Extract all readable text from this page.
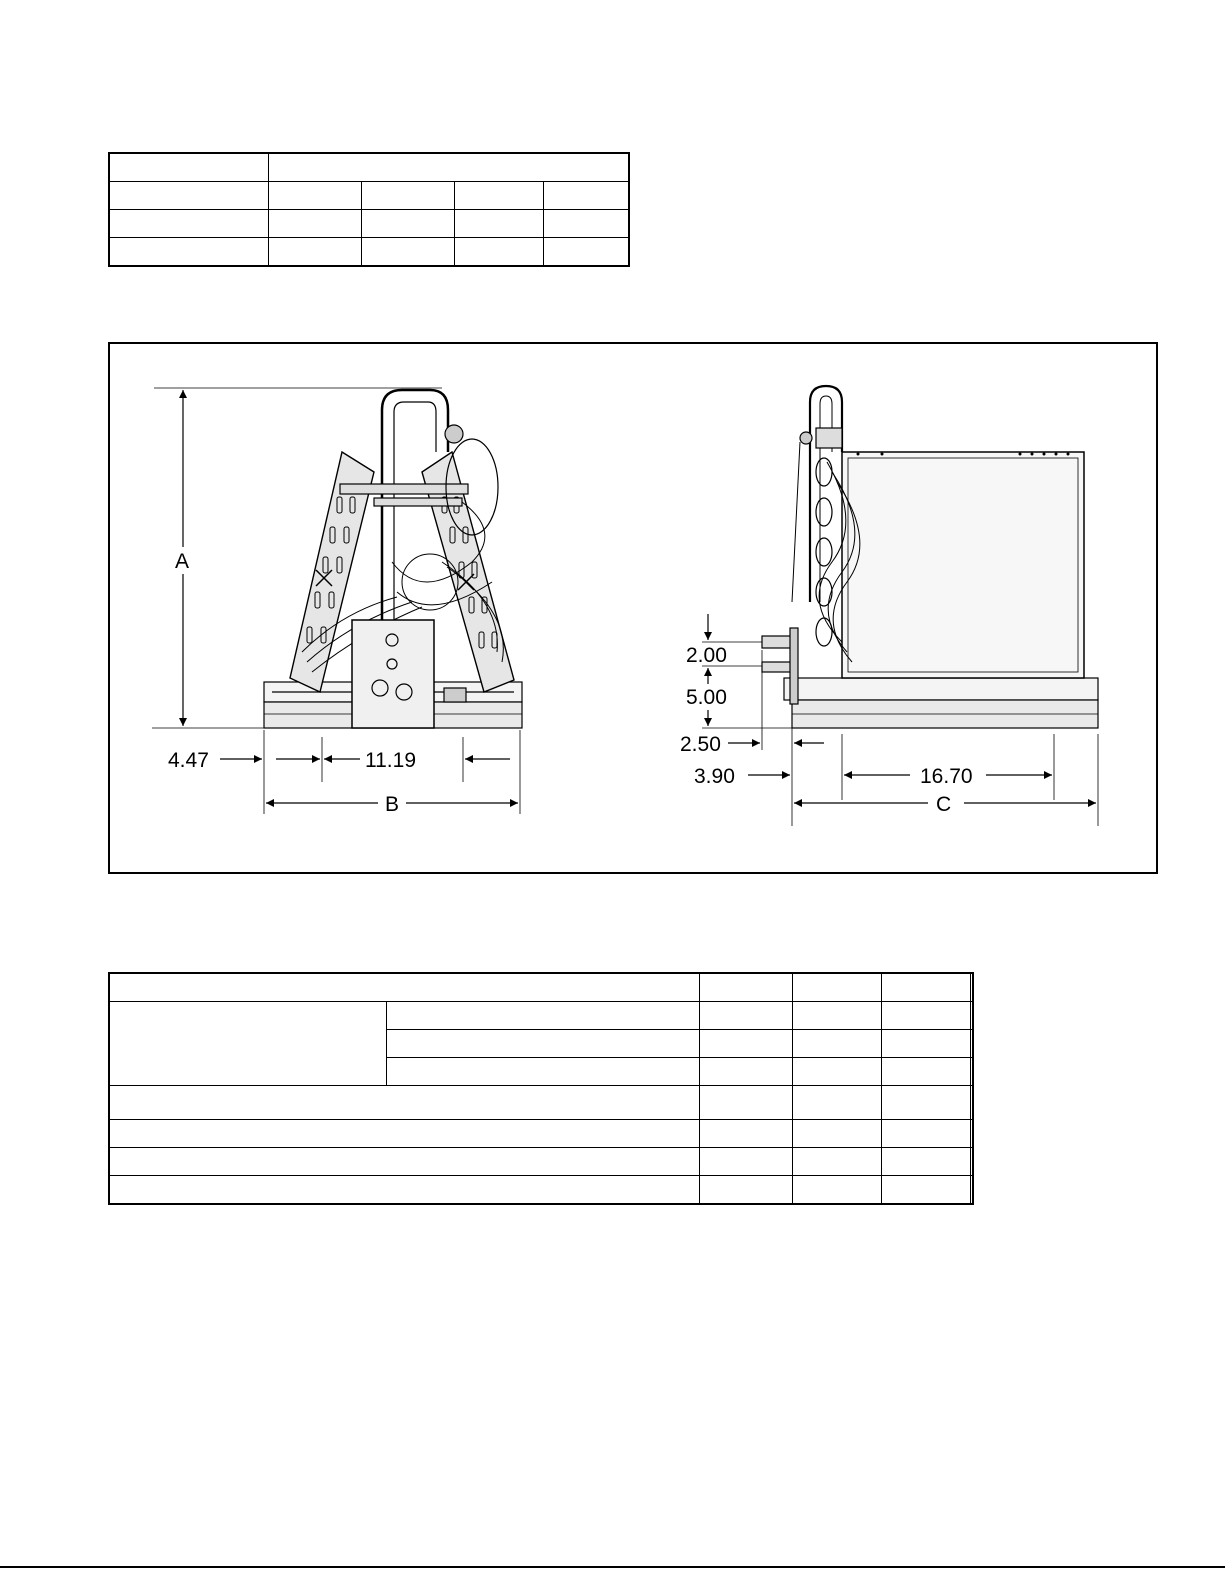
A
4.47	11.19
B
2.00
5.00
2.50
3.90	16.70
C
